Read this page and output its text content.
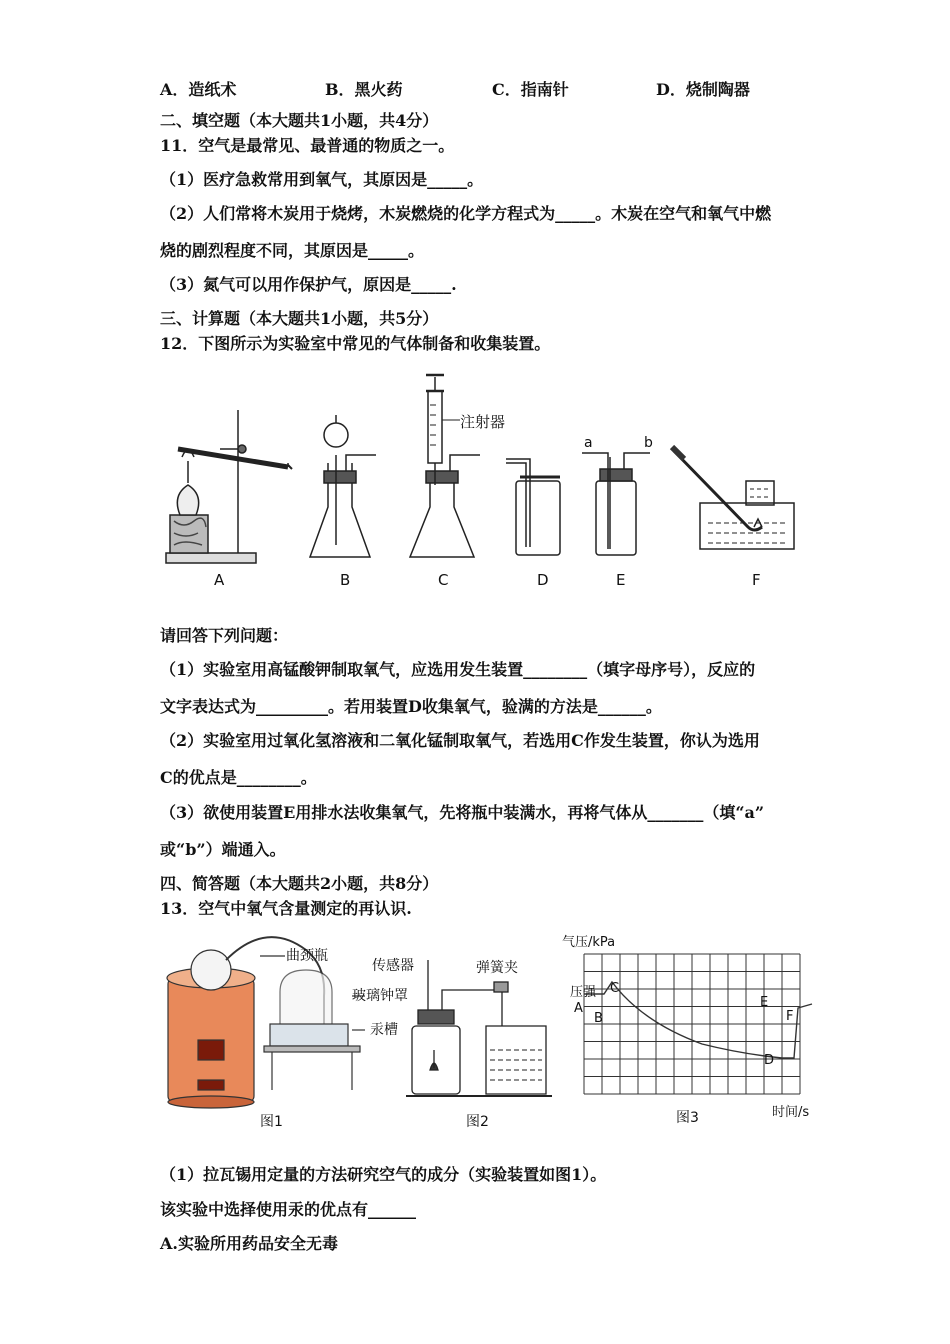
A．造纸术	B．黑火药	C．指南针	D．烧制陶器
二、填空题（本大题共1小题，共4分）
11．空气是最常见、最普通的物质之一。
（1）医疗急救常用到氧气，其原因是_____。
（2）人们常将木炭用于烧烤，木炭燃烧的化学方程式为_____。木炭在空气和氧气中燃
烧的剧烈程度不同，其原因是_____。
（3）氮气可以用作保护气，原因是_____.
三、计算题（本大题共1小题，共5分）
12．下图所示为实验室中常见的气体制备和收集装置。
注射器
a	b
A	B	C	D	E	F
请回答下列问题：
（1）实验室用高锰酸钾制取氧气，应选用发生装置________（填字母序号），反应的
文字表达式为_________。若用装置D收集氧气，验满的方法是______。
（2）实验室用过氧化氢溶液和二氧化锰制取氧气，若选用C作发生装置，你认为选用
C的优点是________。
（3）欲使用装置E用排水法收集氧气，先将瓶中装满水，再将气体从_______（填“a”
或“b”）端通入。
四、简答题（本大题共2小题，共8分）
13．空气中氧气含量测定的再认识.
曲颈瓶
玻璃钟罩
汞槽
图1
传感器	弹簧夹
图2
气压/kPa
时间/s
压强
A
B
C
D
E
F
图3
（1）拉瓦锡用定量的方法研究空气的成分（实验装置如图1）。
该实验中选择使用汞的优点有______
A.实验所用药品安全无毒
